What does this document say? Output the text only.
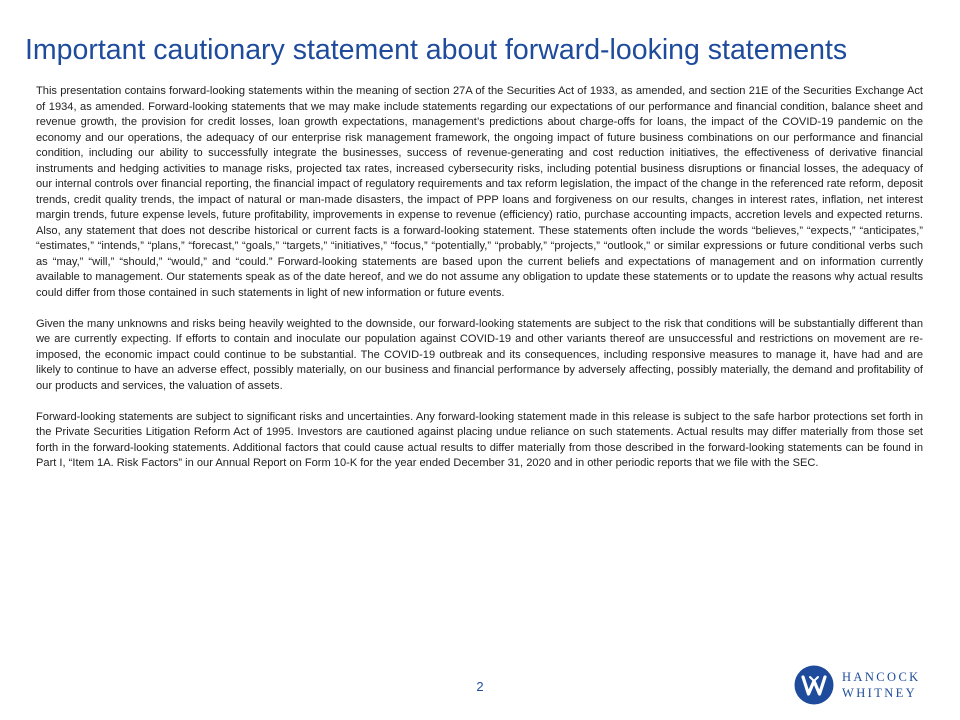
Important cautionary statement about forward-looking statements

This presentation contains forward-looking statements within the meaning of section 27A of the Securities Act of 1933, as amended, and section 21E of the Securities Exchange Act of 1934, as amended. Forward-looking statements that we may make include statements regarding our expectations of our performance and financial condition, balance sheet and revenue growth, the provision for credit losses, loan growth expectations, management’s predictions about charge-offs for loans, the impact of the COVID-19 pandemic on the economy and our operations, the adequacy of our enterprise risk management framework, the ongoing impact of future business combinations on our performance and financial condition, including our ability to successfully integrate the businesses, success of revenue-generating and cost reduction initiatives, the effectiveness of derivative financial instruments and hedging activities to manage risks, projected tax rates, increased cybersecurity risks, including potential business disruptions or financial losses, the adequacy of our internal controls over financial reporting, the financial impact of regulatory requirements and tax reform legislation, the impact of the change in the referenced rate reform, deposit trends, credit quality trends, the impact of natural or man-made disasters, the impact of PPP loans and forgiveness on our results, changes in interest rates, inflation, net interest margin trends, future expense levels, future profitability, improvements in expense to revenue (efficiency) ratio, purchase accounting impacts, accretion levels and expected returns. Also, any statement that does not describe historical or current facts is a forward-looking statement. These statements often include the words “believes,” “expects,” “anticipates,” “estimates,” “intends,” “plans,” “forecast,” “goals,” “targets,” “initiatives,” “focus,” “potentially,” “probably,” “projects,” “outlook," or similar expressions or future conditional verbs such as “may,” “will,” “should,” “would,” and “could.” Forward-looking statements are based upon the current beliefs and expectations of management and on information currently available to management. Our statements speak as of the date hereof, and we do not assume any obligation to update these statements or to update the reasons why actual results could differ from those contained in such statements in light of new information or future events.

Given the many unknowns and risks being heavily weighted to the downside, our forward-looking statements are subject to the risk that conditions will be substantially different than we are currently expecting. If efforts to contain and inoculate our population against COVID-19 and other variants thereof are unsuccessful and restrictions on movement are re-imposed, the economic impact could continue to be substantial. The COVID-19 outbreak and its consequences, including responsive measures to manage it, have had and are likely to continue to have an adverse effect, possibly materially, on our business and financial performance by adversely affecting, possibly materially, the demand and profitability of our products and services, the valuation of assets.

Forward-looking statements are subject to significant risks and uncertainties. Any forward-looking statement made in this release is subject to the safe harbor protections set forth in the Private Securities Litigation Reform Act of 1995. Investors are cautioned against placing undue reliance on such statements. Actual results may differ materially from those set forth in the forward-looking statements. Additional factors that could cause actual results to differ materially from those described in the forward-looking statements can be found in Part I, “Item 1A. Risk Factors” in our Annual Report on Form 10-K for the year ended December 31, 2020 and in other periodic reports that we file with the SEC.

2
HANCOCK
WHITNEY
